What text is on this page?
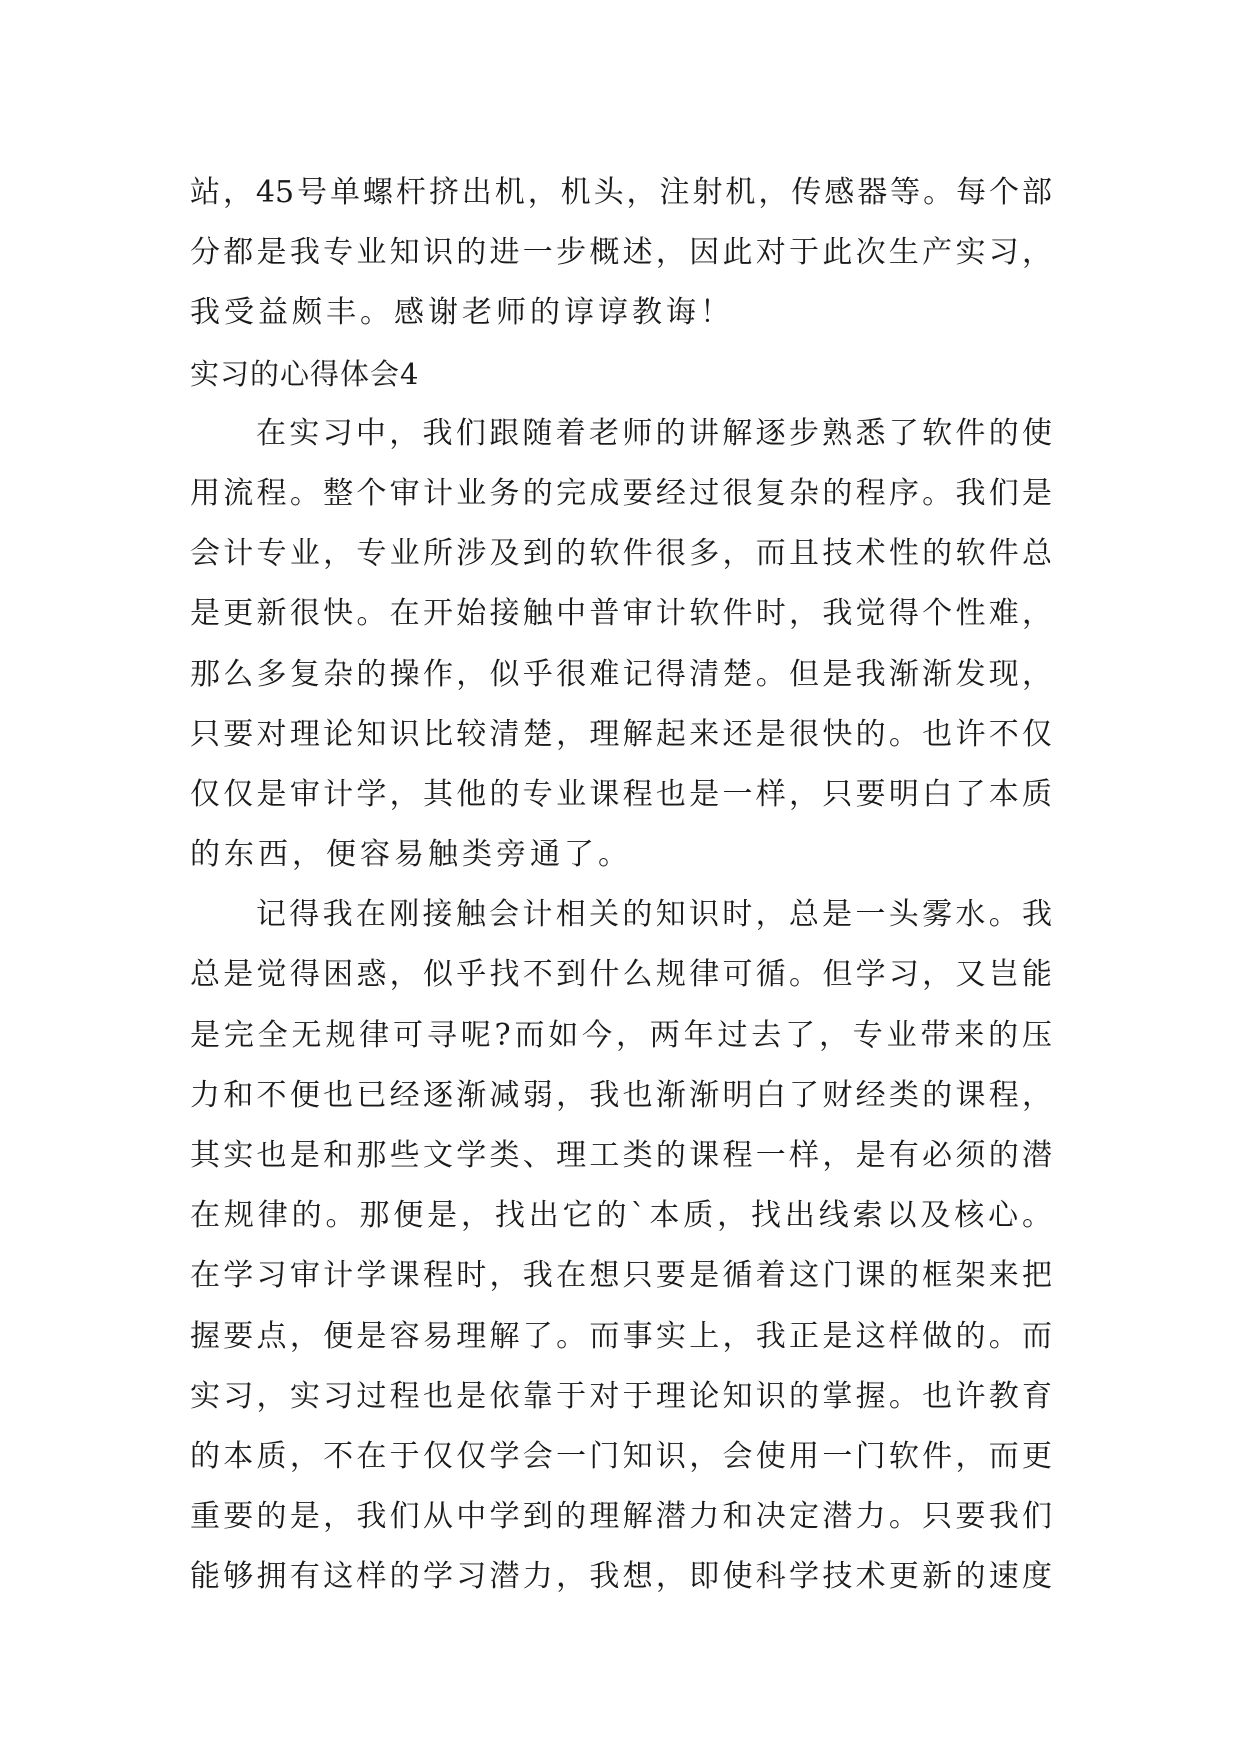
站，45号单螺杆挤出机，机头，注射机，传感器等。每个部
分都是我专业知识的进一步概述，因此对于此次生产实习，
我受益颇丰。感谢老师的谆谆教诲！
实习的心得体会4
在实习中，我们跟随着老师的讲解逐步熟悉了软件的使
用流程。整个审计业务的完成要经过很复杂的程序。我们是
会计专业，专业所涉及到的软件很多，而且技术性的软件总
是更新很快。在开始接触中普审计软件时，我觉得个性难，
那么多复杂的操作，似乎很难记得清楚。但是我渐渐发现，
只要对理论知识比较清楚，理解起来还是很快的。也许不仅
仅仅是审计学，其他的专业课程也是一样，只要明白了本质
的东西，便容易触类旁通了。
记得我在刚接触会计相关的知识时，总是一头雾水。我
总是觉得困惑，似乎找不到什么规律可循。但学习，又岂能
是完全无规律可寻呢?而如今，两年过去了，专业带来的压
力和不便也已经逐渐减弱，我也渐渐明白了财经类的课程，
其实也是和那些文学类、理工类的课程一样，是有必须的潜
在规律的。那便是，找出它的`本质，找出线索以及核心。
在学习审计学课程时，我在想只要是循着这门课的框架来把
握要点，便是容易理解了。而事实上，我正是这样做的。而
实习，实习过程也是依靠于对于理论知识的掌握。也许教育
的本质，不在于仅仅学会一门知识，会使用一门软件，而更
重要的是，我们从中学到的理解潜力和决定潜力。只要我们
能够拥有这样的学习潜力，我想，即使科学技术更新的速度
